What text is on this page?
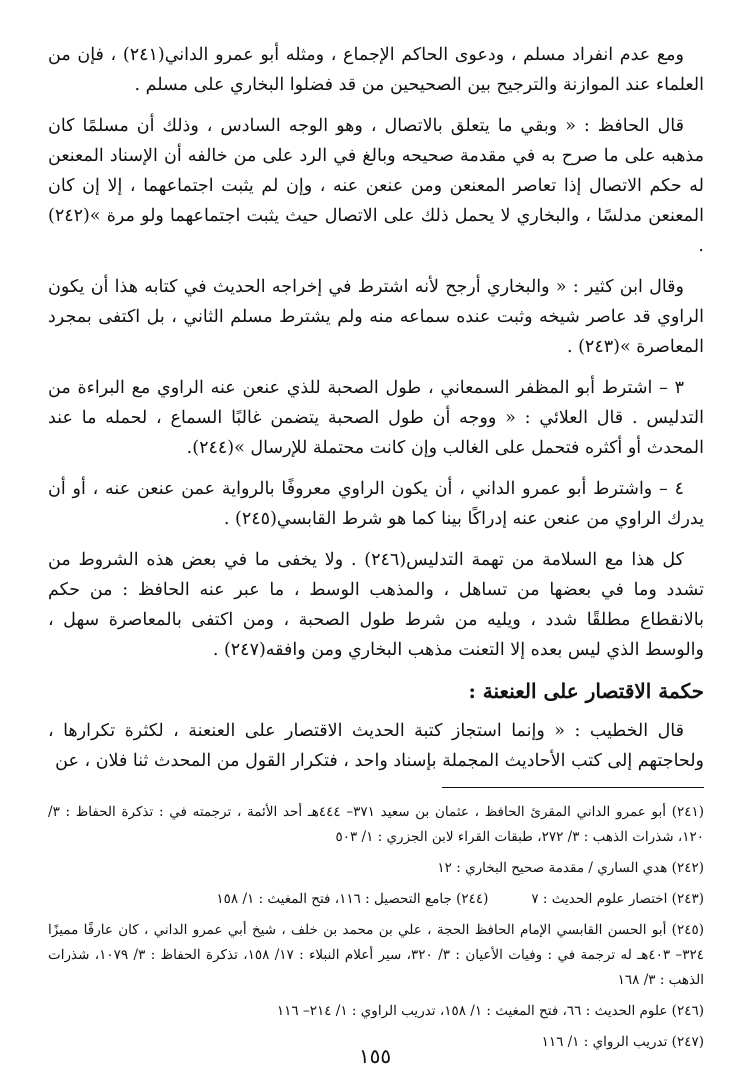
ومع عدم انفراد مسلم ، ودعوى الحاكم الإجماع ، ومثله أبو عمرو الداني(٢٤١) ، فإن من العلماء عند الموازنة والترجيح بين الصحيحين من قد فضلوا البخاري على مسلم .

قال الحافظ : « وبقي ما يتعلق بالاتصال ، وهو الوجه السادس ، وذلك أن مسلمًا كان مذهبه على ما صرح به في مقدمة صحيحه وبالغ في الرد على من خالفه أن الإسناد المعنعن له حكم الاتصال إذا تعاصر المعنعن ومن عنعن عنه ، وإن لم يثبت اجتماعهما ، إلا إن كان المعنعن مدلسًا ، والبخاري لا يحمل ذلك على الاتصال حيث يثبت اجتماعهما ولو مرة »(٢٤٢) .

وقال ابن كثير : « والبخاري أرجح لأنه اشترط في إخراجه الحديث في كتابه هذا أن يكون الراوي قد عاصر شيخه وثبت عنده سماعه منه ولم يشترط مسلم الثاني ، بل اكتفى بمجرد المعاصرة »(٢٤٣) .

٣ – اشترط أبو المظفر السمعاني ، طول الصحبة للذي عنعن عنه الراوي مع البراءة من التدليس . قال العلائي : « ووجه أن طول الصحبة يتضمن غالبًا السماع ، لحمله ما عند المحدث أو أكثره فتحمل على الغالب وإن كانت محتملة للإرسال »(٢٤٤).

٤ – واشترط أبو عمرو الداني ، أن يكون الراوي معروفًا بالرواية عمن عنعن عنه ، أو أن يدرك الراوي من عنعن عنه إدراكًا بينا كما هو شرط القابسي(٢٤٥) .

كل هذا مع السلامة من تهمة التدليس(٢٤٦) . ولا يخفى ما في بعض هذه الشروط من تشدد وما في بعضها من تساهل ، والمذهب الوسط ، ما عبر عنه الحافظ : من حكم بالانقطاع مطلقًا شدد ، ويليه من شرط طول الصحبة ، ومن اكتفى بالمعاصرة سهل ، والوسط الذي ليس بعده إلا التعنت مذهب البخاري ومن وافقه(٢٤٧) .

حكمة الاقتصار على العنعنة :

قال الخطيب : « وإنما استجاز كتبة الحديث الاقتصار على العنعنة ، لكثرة تكرارها ، ولحاجتهم إلى كتب الأحاديث المجملة بإسناد واحد ، فتكرار القول من المحدث ثنا فلان ، عن

(٢٤١) أبو عمرو الداني المقرئ الحافظ ، عثمان بن سعيد ٣٧١– ٤٤٤هـ أحد الأئمة ، ترجمته في : تذكرة الحفاظ : ٣/ ١٢٠، شذرات الذهب : ٣/ ٢٧٢، طبقات القراء لابن الجزري : ١/ ٥٠٣

(٢٤٢) هدي الساري / مقدمة صحيح البخاري : ١٢

(٢٤٣) اختصار علوم الحديث : ٧          (٢٤٤) جامع التحصيل : ١١٦، فتح المغيث : ١/ ١٥٨

(٢٤٥) أبو الحسن القابسي الإمام الحافظ الحجة ، علي بن محمد بن خلف ، شيخ أبي عمرو الداني ، كان عارفًا مميزًا ٣٢٤– ٤٠٣هـ له ترجمة في : وفيات الأعيان : ٣/ ٣٢٠، سير أعلام النبلاء : ١٧/ ١٥٨، تذكرة الحفاظ : ٣/ ١٠٧٩، شذرات الذهب : ٣/ ١٦٨

(٢٤٦) علوم الحديث : ٦٦، فتح المغيث : ١/ ١٥٨، تدريب الراوي : ١/ ٢١٤– ١١٦

(٢٤٧) تدريب الرواي : ١/ ١١٦

١٥٥
